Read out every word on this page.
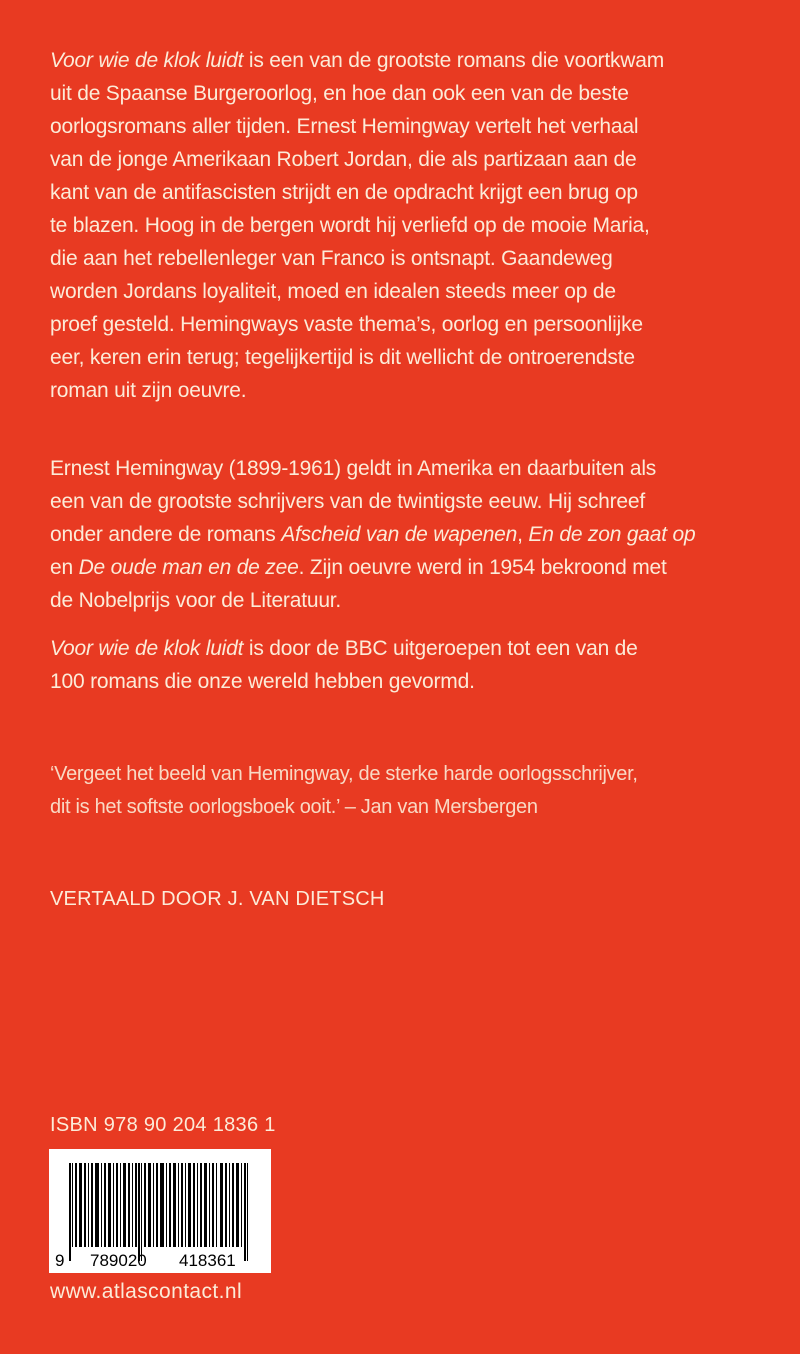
Voor wie de klok luidt is een van de grootste romans die voortkwam
uit de Spaanse Burgeroorlog, en hoe dan ook een van de beste
oorlogsromans aller tijden. Ernest Hemingway vertelt het verhaal
van de jonge Amerikaan Robert Jordan, die als partizaan aan de
kant van de antifascisten strijdt en de opdracht krijgt een brug op
te blazen. Hoog in de bergen wordt hij verliefd op de mooie Maria,
die aan het rebellenleger van Franco is ontsnapt. Gaandeweg
worden Jordans loyaliteit, moed en idealen steeds meer op de
proef gesteld. Hemingways vaste thema’s, oorlog en persoonlijke
eer, keren erin terug; tegelijkertijd is dit wellicht de ontroerendste
roman uit zijn oeuvre.

Ernest Hemingway (1899-1961) geldt in Amerika en daarbuiten als
een van de grootste schrijvers van de twintigste eeuw. Hij schreef
onder andere de romans Afscheid van de wapenen, En de zon gaat op
en De oude man en de zee. Zijn oeuvre werd in 1954 bekroond met
de Nobelprijs voor de Literatuur.

Voor wie de klok luidt is door de BBC uitgeroepen tot een van de
100 romans die onze wereld hebben gevormd.

‘Vergeet het beeld van Hemingway, de sterke harde oorlogsschrijver,
dit is het softste oorlogsboek ooit.’ – Jan van Mersbergen

VERTAALD DOOR J. VAN DIETSCH
ISBN 978 90 204 1836 1
9 789020 418361
www.atlascontact.nl
